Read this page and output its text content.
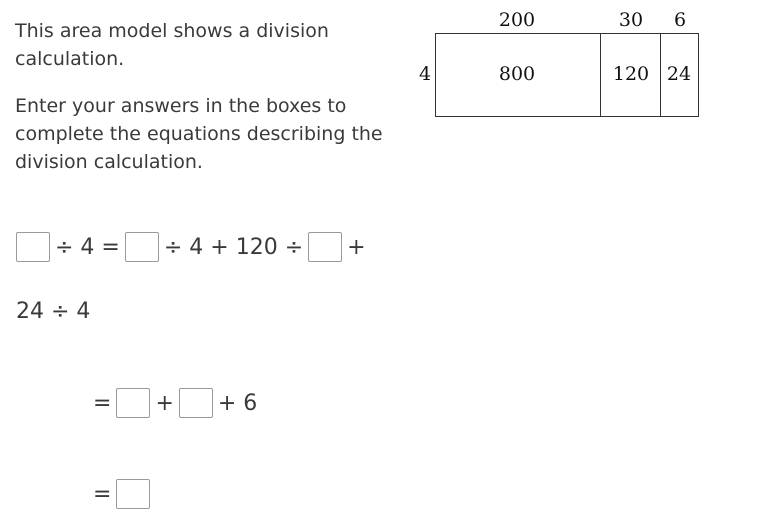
This area model shows a division calculation.

Enter your answers in the boxes to complete the equations describing the division calculation.

200	30 6
4	800	120 24
÷ 4 = ÷ 4 + 120 ÷ +
24 ÷ 4
= + + 6
=
